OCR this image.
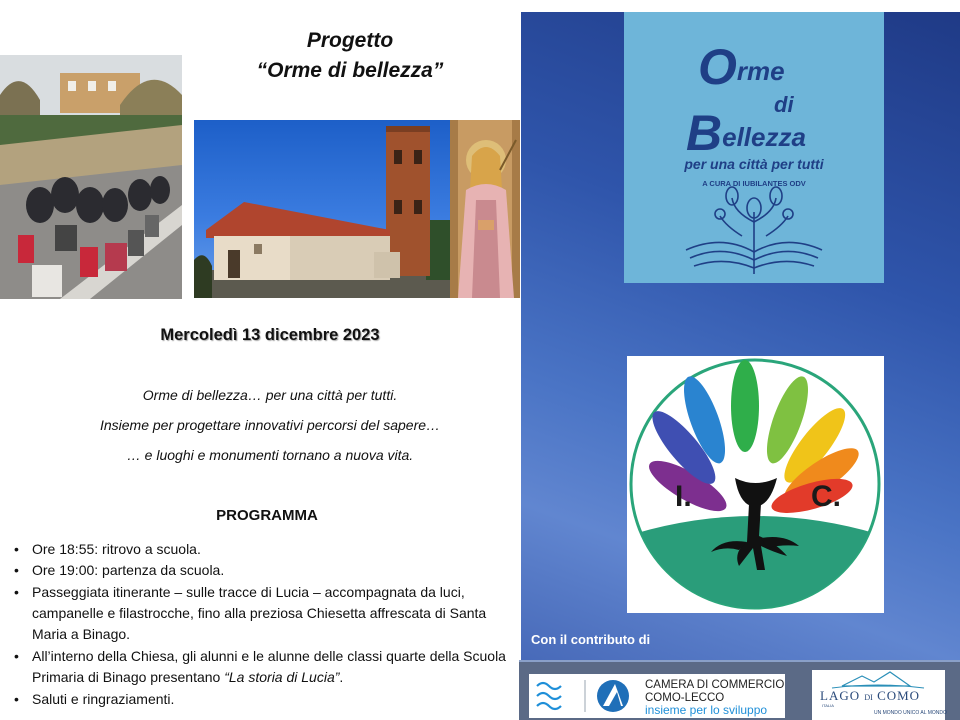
Progetto
“Orme di bellezza”
Mercoledì 13 dicembre 2023

Orme di bellezza… per una città per tutti.

Insieme per progettare innovativi percorsi del sapere…

… e luoghi e monumenti tornano a nuova vita.

PROGRAMMA
• Ore 18:55: ritrovo a scuola.
• Ore 19:00: partenza da scuola.
• Passeggiata itinerante – sulle tracce di Lucia – accompagnata da luci, campanelle e filastrocche, fino alla preziosa Chiesetta affrescata di Santa Maria a Binago.
• All’interno della Chiesa, gli alunni e le alunne delle classi quarte della Scuola Primaria di Binago presentano “La storia di Lucia”.
• Saluti e ringraziamenti.
Orme
di
Bellezza
per una città per tutti
A CURA DI IUBILANTES ODV
I.	C.
Con il contributo di
CAMERA DI COMMERCIO
COMO-LECCO
insieme per lo sviluppo
LAGO DI COMO
ITALIA
UN MONDO UNICO AL MONDO
